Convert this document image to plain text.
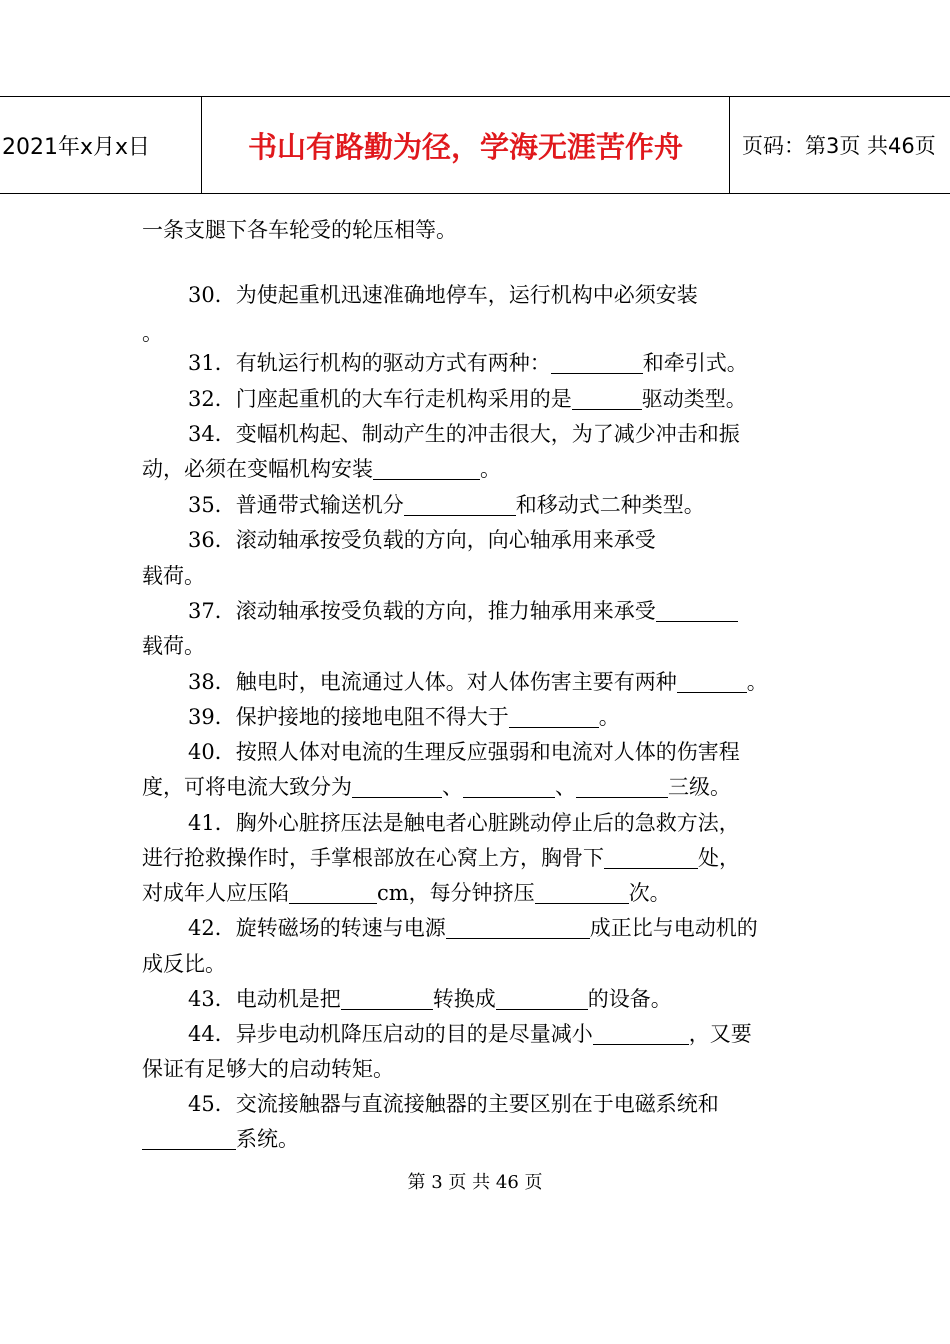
2021年x月x日	书山有路勤为径，学海无涯苦作舟	页码：第3页 共46页
一条支腿下各车轮受的轮压相等。
30．为使起重机迅速准确地停车，运行机构中必须安装
。
31．有轨运行机构的驱动方式有两种：	和牵引式。
32．门座起重机的大车行走机构采用的是	驱动类型。
34．变幅机构起、制动产生的冲击很大，为了减少冲击和振
动，必须在变幅机构安装	。
35．普通带式输送机分	和移动式二种类型。
36．滚动轴承按受负载的方向，向心轴承用来承受
载荷。
37．滚动轴承按受负载的方向，推力轴承用来承受
载荷。
38．触电时，电流通过人体。对人体伤害主要有两种	。
39．保护接地的接地电阻不得大于	。
40．按照人体对电流的生理反应强弱和电流对人体的伤害程
度，可将电流大致分为	、	、	三级。
41．胸外心脏挤压法是触电者心脏跳动停止后的急救方法，
进行抢救操作时，手掌根部放在心窝上方，胸骨下	处，
对成年人应压陷	cm，每分钟挤压	次。
42．旋转磁场的转速与电源	成正比与电动机的
成反比。
43．电动机是把	转换成	的设备。
44．异步电动机降压启动的目的是尽量减小	，又要
保证有足够大的启动转矩。
45．交流接触器与直流接触器的主要区别在于电磁系统和
系统。
第 3 页 共 46 页
